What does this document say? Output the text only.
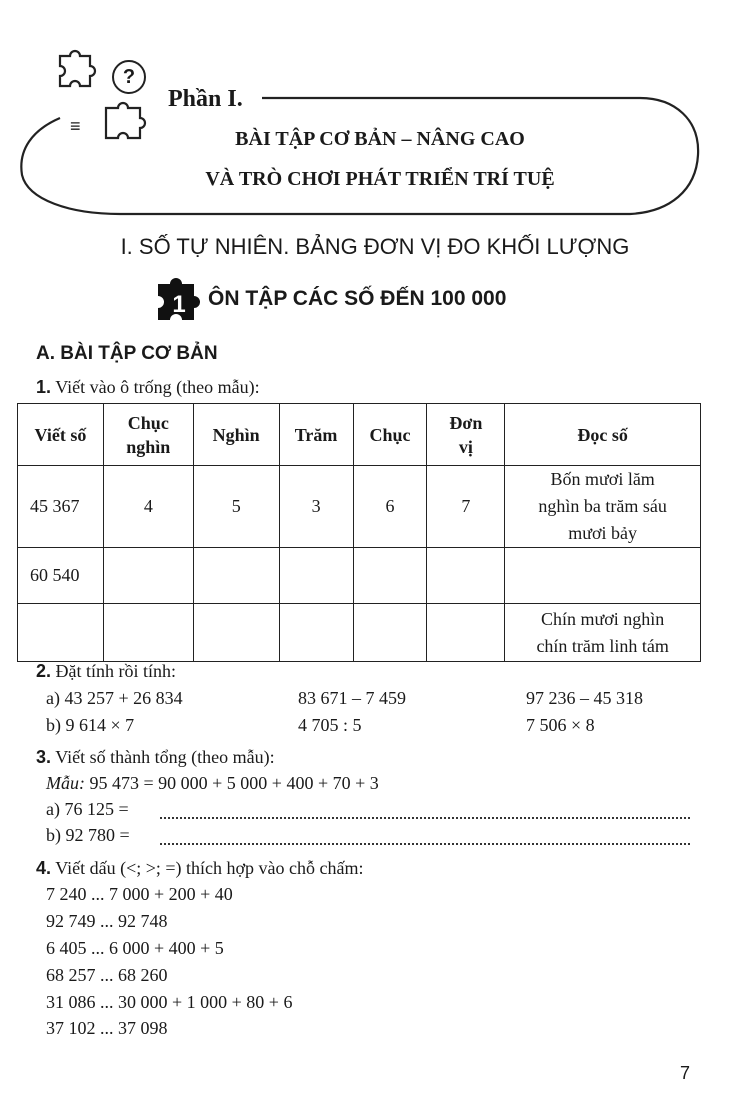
?
≡
Phần I.
BÀI TẬP CƠ BẢN – NÂNG CAO
VÀ TRÒ CHƠI PHÁT TRIỂN TRÍ TUỆ
I. SỐ TỰ NHIÊN. BẢNG ĐƠN VỊ ĐO KHỐI LƯỢNG
1 ÔN TẬP CÁC SỐ ĐẾN 100 000
A. BÀI TẬP CƠ BẢN
1. Viết vào ô trống (theo mẫu):
Viết số	Chục
nghìn	Nghìn	Trăm	Chục	Đơn
vị	Đọc số
45 367	4	5	3	6	7	Bốn mươi lăm
nghìn ba trăm sáu
mươi bảy
60 540						
						Chín mươi nghìn
chín trăm linh tám
2. Đặt tính rồi tính:
a) 43 257 + 26 834	83 671 – 7 459	97 236 – 45 318
b) 9 614 × 7	4 705 : 5	7 506 × 8
3. Viết số thành tổng (theo mẫu):
Mẫu: 95 473 = 90 000 + 5 000 + 400 + 70 + 3
a) 76 125 =
b) 92 780 =
4. Viết dấu (<; >; =) thích hợp vào chỗ chấm:
7 240 ... 7 000 + 200 + 40
92 749 ... 92 748
6 405 ... 6 000 + 400 + 5
68 257 ... 68 260
31 086 ... 30 000 + 1 000 + 80 + 6
37 102 ... 37 098
7
